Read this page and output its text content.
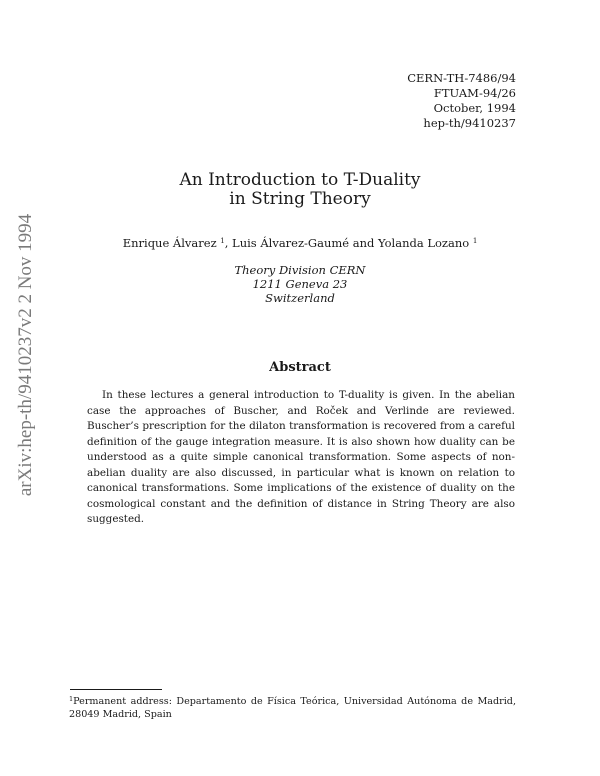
arXiv:hep-th/9410237v2 2 Nov 1994
CERN-TH-7486/94
FTUAM-94/26
October, 1994
hep-th/9410237
An Introduction to T-Duality
in String Theory
Enrique Álvarez $^1$, Luis Álvarez-Gaumé and Yolanda Lozano $^1$
Theory Division CERN
1211 Geneva 23
Switzerland
Abstract
In these lectures a general introduction to T-duality is given. In the abelian case the approaches of Buscher, and Roček and Verlinde are reviewed. Buscher’s prescription for the dilaton transformation is recovered from a careful definition of the gauge integration measure. It is also shown how duality can be understood as a quite simple canonical transformation. Some aspects of non-abelian duality are also discussed, in particular what is known on relation to canonical transformations. Some implications of the existence of duality on the cosmological constant and the definition of distance in String Theory are also suggested.
$^1$Permanent address: Departamento de Física Teórica, Universidad Autónoma de Madrid, 28049 Madrid, Spain
